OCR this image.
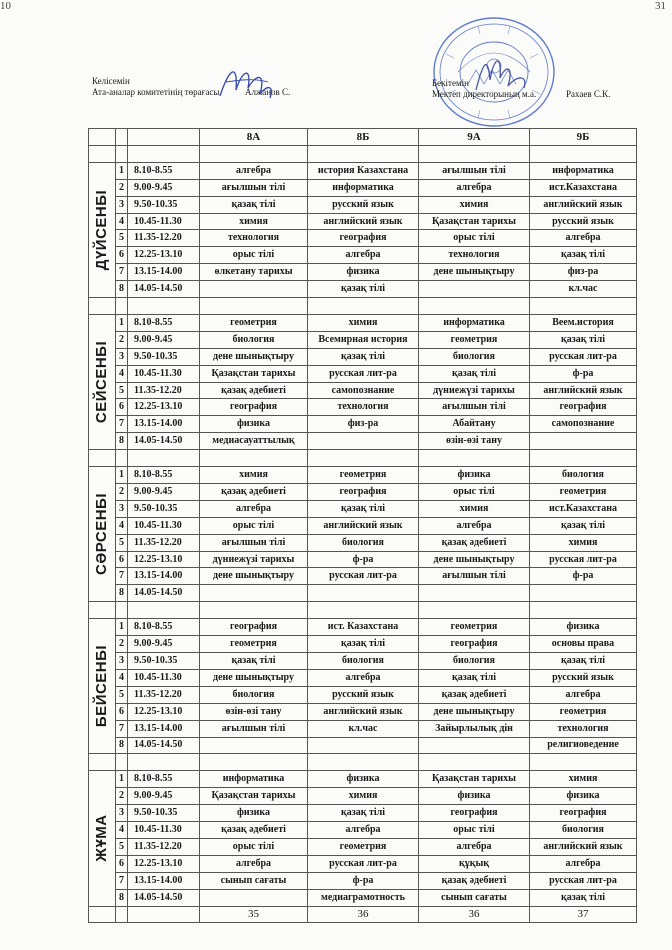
10	31
Келісемін
Ата-аналар комитетінің төрағасы	Алжанов С.
Бекітемін
Мектеп директорының м.а.	Рахаев С.К.
			8А	8Б	9А	9Б

ДҮЙСЕНБІ	1	8.10-8.55	алгебра	история Казахстана	ағылшын тілі	информатика
	2	9.00-9.45	ағылшын тілі	информатика	алгебра	ист.Казахстана
	3	9.50-10.35	қазақ тілі	русский язык	химия	английский язык
	4	10.45-11.30	химия	английский язык	Қазақстан тарихы	русский язык
	5	11.35-12.20	технология	география	орыс тілі	алгебра
	6	12.25-13.10	орыс тілі	алгебра	технология	қазақ тілі
	7	13.15-14.00	өлкетану тарихы	физика	дене шынықтыру	физ-ра
	8	14.05-14.50		қазақ тілі		кл.час

СЕЙСЕНБІ	1	8.10-8.55	геометрия	химия	информатика	Веем.история
	2	9.00-9.45	биология	Всемирная история	геометрия	қазақ тілі
	3	9.50-10.35	дене шынықтыру	қазақ тілі	биология	русская лит-ра
	4	10.45-11.30	Қазақстан тарихы	русская лит-ра	қазақ тілі	ф-ра
	5	11.35-12.20	қазақ әдебиеті	самопознание	дүниежүзі тарихы	английский язык
	6	12.25-13.10	география	технология	ағылшын тілі	география
	7	13.15-14.00	физика	физ-ра	Абайтану	самопознание
	8	14.05-14.50	медиасауаттылық		өзін-өзі тану	

СӘРСЕНБІ	1	8.10-8.55	химия	геометрия	физика	биология
	2	9.00-9.45	қазақ әдебиеті	география	орыс тілі	геометрия
	3	9.50-10.35	алгебра	қазақ тілі	химия	ист.Казахстана
	4	10.45-11.30	орыс тілі	английский язык	алгебра	қазақ тілі
	5	11.35-12.20	ағылшын тілі	биология	қазақ әдебиеті	химия
	6	12.25-13.10	дүниежүзі тарихы	ф-ра	дене шынықтыру	русская лит-ра
	7	13.15-14.00	дене шынықтыру	русская лит-ра	ағылшын тілі	ф-ра
	8	14.05-14.50				

БЕЙСЕНБІ	1	8.10-8.55	география	ист. Казахстана	геометрия	физика
	2	9.00-9.45	геометрия	қазақ тілі	география	основы права
	3	9.50-10.35	қазақ тілі	биология	биология	қазақ тілі
	4	10.45-11.30	дене шынықтыру	алгебра	қазақ тілі	русский язык
	5	11.35-12.20	биология	русский язык	қазақ әдебиеті	алгебра
	6	12.25-13.10	өзін-өзі тану	английский язык	дене шынықтыру	геометрия
	7	13.15-14.00	ағылшын тілі	кл.час	Зайырлылық дін	технология
	8	14.05-14.50				религиоведение

ЖҰМА	1	8.10-8.55	информатика	физика	Қазақстан тарихы	химия
	2	9.00-9.45	Қазақстан тарихы	химия	физика	физика
	3	9.50-10.35	физика	қазақ тілі	география	география
	4	10.45-11.30	қазақ әдебиеті	алгебра	орыс тілі	биология
	5	11.35-12.20	орыс тілі	геометрия	алгебра	английский язык
	6	12.25-13.10	алгебра	русская лит-ра	құқық	алгебра
	7	13.15-14.00	сынып сағаты	ф-ра	қазақ әдебиеті	русская лит-ра
	8	14.05-14.50		медиаграмотность	сынып сағаты	қазақ тілі
			35	36	36	37
